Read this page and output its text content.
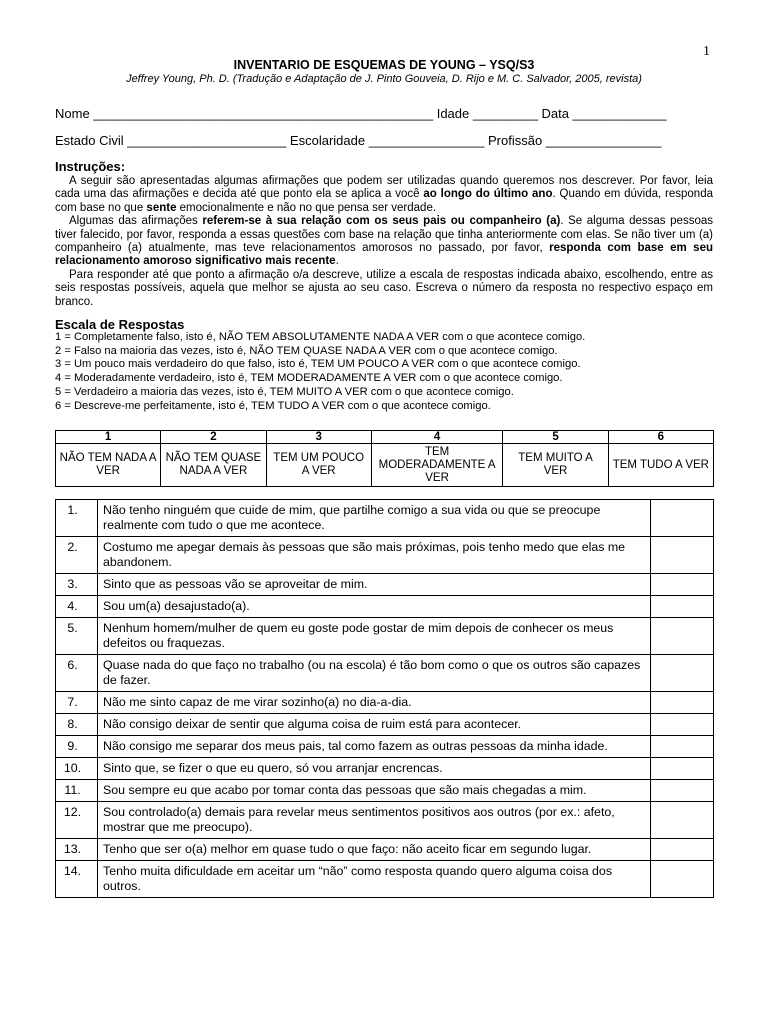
1
INVENTARIO DE ESQUEMAS DE YOUNG – YSQ/S3
Jeffrey Young, Ph. D. (Tradução e Adaptação de J. Pinto Gouveia, D. Rijo e M. C. Salvador, 2005, revista)
Nome _______________________________________________ Idade _________ Data _____________
Estado Civil ______________________ Escolaridade ________________ Profissão ________________
Instruções:

A seguir são apresentadas algumas afirmações que podem ser utilizadas quando queremos nos descrever. Por favor, leia cada uma das afirmações e decida até que ponto ela se aplica a você ao longo do último ano. Quando em dúvida, responda com base no que sente emocionalmente e não no que pensa ser verdade.

Algumas das afirmações referem-se à sua relação com os seus pais ou companheiro (a). Se alguma dessas pessoas tiver falecido, por favor, responda a essas questões com base na relação que tinha anteriormente com elas. Se não tiver um (a) companheiro (a) atualmente, mas teve relacionamentos amorosos no passado, por favor, responda com base em seu relacionamento amoroso significativo mais recente.

Para responder até que ponto a afirmação o/a descreve, utilize a escala de respostas indicada abaixo, escolhendo, entre as seis respostas possíveis, aquela que melhor se ajusta ao seu caso. Escreva o número da resposta no respectivo espaço em branco.

Escala de Respostas
1 = Completamente falso, isto é, NÃO TEM ABSOLUTAMENTE NADA A VER com o que acontece comigo.
2 = Falso na maioria das vezes, isto é, NÃO TEM QUASE NADA A VER com o que acontece comigo.
3 = Um pouco mais verdadeiro do que falso, isto é, TEM UM POUCO A VER com o que acontece comigo.
4 = Moderadamente verdadeiro, isto é, TEM MODERADAMENTE A VER com o que acontece comigo.
5 = Verdadeiro a maioria das vezes, isto é, TEM MUITO A VER com o que acontece comigo.
6 = Descreve-me perfeitamente, isto é, TEM TUDO A VER com o que acontece comigo.
1	2	3	4	5	6
NÃO TEM NADA A VER	NÃO TEM QUASE NADA A VER	TEM UM POUCO A VER	TEM MODERADAMENTE A VER	TEM MUITO A VER	TEM TUDO A VER
1.	Não tenho ninguém que cuide de mim, que partilhe comigo a sua vida ou que se preocupe realmente com tudo o que me acontece.	
2.	Costumo me apegar demais às pessoas que são mais próximas, pois tenho medo que elas me abandonem.	
3.	Sinto que as pessoas vão se aproveitar de mim.	
4.	Sou um(a) desajustado(a).	
5.	Nenhum homem/mulher de quem eu goste pode gostar de mim depois de conhecer os meus defeitos ou fraquezas.	
6.	Quase nada do que faço no trabalho (ou na escola) é tão bom como o que os outros são capazes de fazer.	
7.	Não me sinto capaz de me virar sozinho(a) no dia-a-dia.	
8.	Não consigo deixar de sentir que alguma coisa de ruim está para acontecer.	
9.	Não consigo me separar dos meus pais, tal como fazem as outras pessoas da minha idade.	
10.	Sinto que, se fizer o que eu quero, só vou arranjar encrencas.	
11.	Sou sempre eu que acabo por tomar conta das pessoas que são mais chegadas a mim.	
12.	Sou controlado(a) demais para revelar meus sentimentos positivos aos outros (por ex.: afeto, mostrar que me preocupo).	
13.	Tenho que ser o(a) melhor em quase tudo o que faço: não aceito ficar em segundo lugar.	
14.	Tenho muita dificuldade em aceitar um “não” como resposta quando quero alguma coisa dos outros.	
